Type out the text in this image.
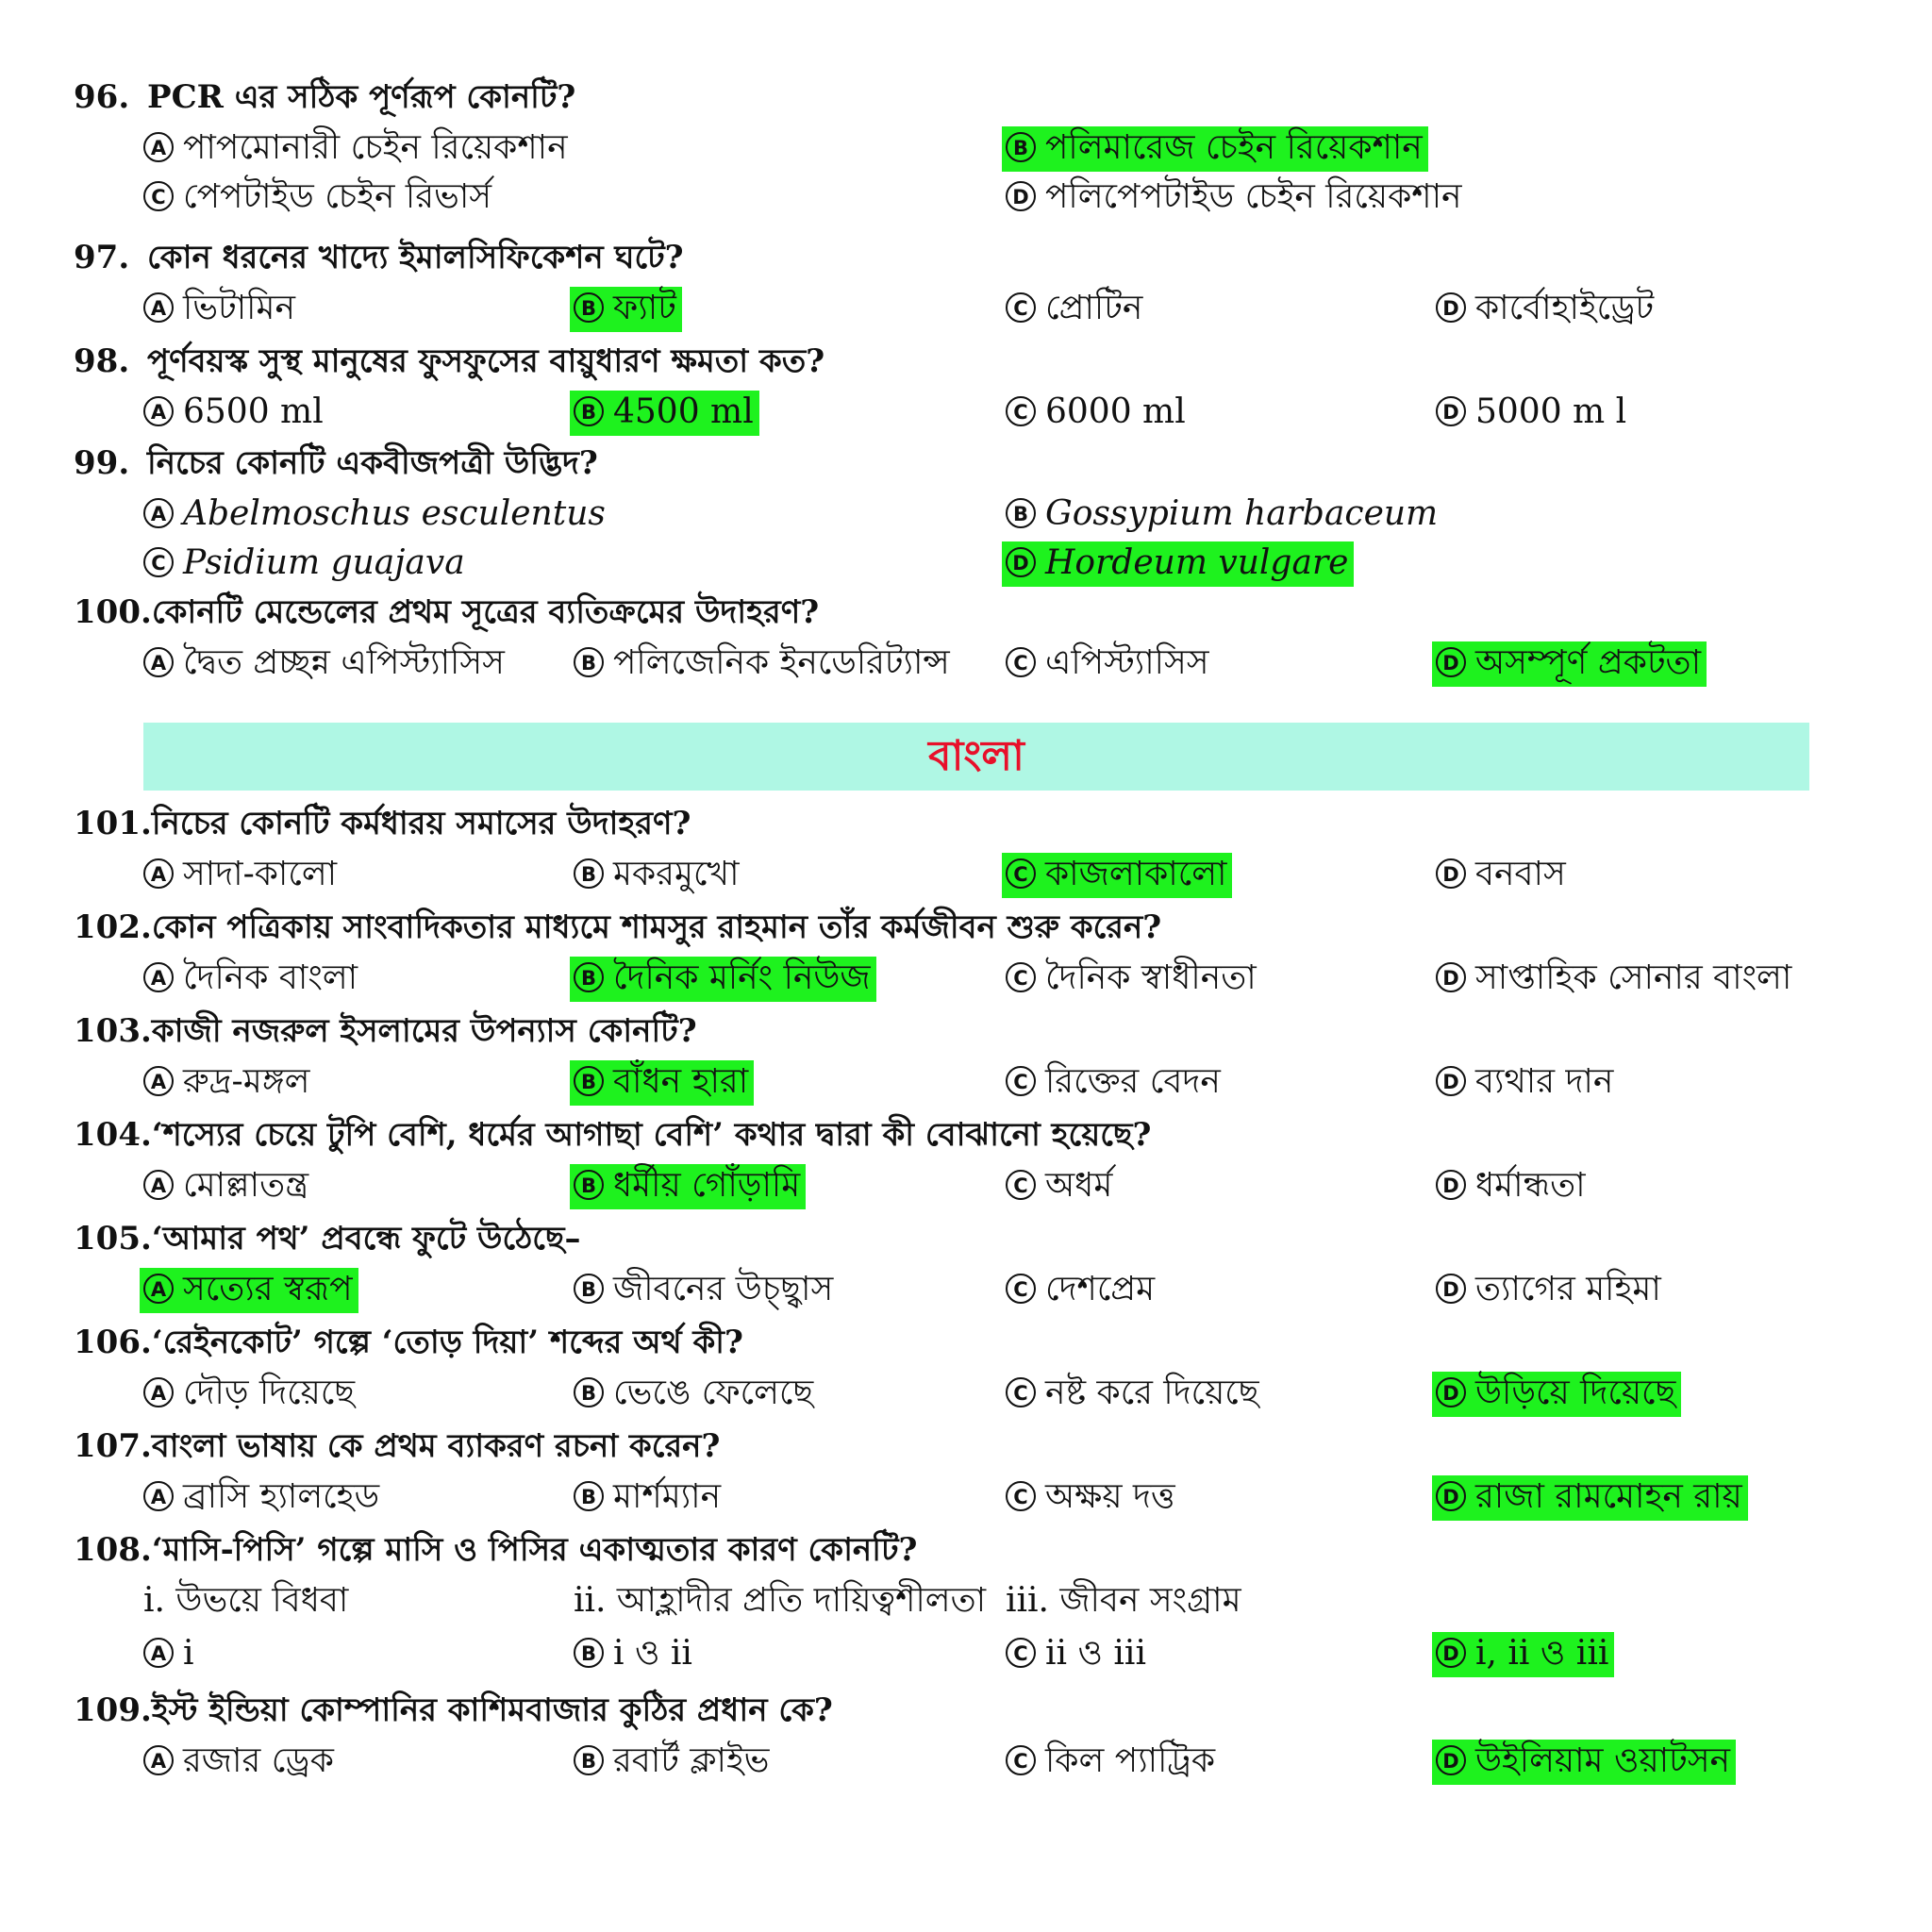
বাংলা
96. PCR এর সঠিক পূর্ণরূপ কোনটি?
A পাপমোনারী চেইন রিয়েকশান	B পলিমারেজ চেইন রিয়েকশান
C পেপটাইড চেইন রিভার্স	D পলিপেপটাইড চেইন রিয়েকশান
97. কোন ধরনের খাদ্যে ইমালসিফিকেশন ঘটে?
A ভিটামিন	B ফ্যাট	C প্রোটিন	D কার্বোহাইড্রেট
98. পূর্ণবয়স্ক সুস্থ মানুষের ফুসফুসের বায়ুধারণ ক্ষমতা কত?
A 6500 ml	B 4500 ml	C 6000 ml	D 5000 m l
99. নিচের কোনটি একবীজপত্রী উদ্ভিদ?
A Abelmoschus esculentus	B Gossypium harbaceum
C Psidium guajava	D Hordeum vulgare
100. কোনটি মেন্ডেলের প্রথম সূত্রের ব্যতিক্রমের উদাহরণ?
A দ্বৈত প্রচ্ছন্ন এপিস্ট্যাসিস	B পলিজেনিক ইনডেরিট্যান্স	C এপিস্ট্যাসিস	D অসম্পূর্ণ প্রকটতা
101. নিচের কোনটি কর্মধারয় সমাসের উদাহরণ?
A সাদা-কালো	B মকরমুখো	C কাজলাকালো	D বনবাস
102. কোন পত্রিকায় সাংবাদিকতার মাধ্যমে শামসুর রাহমান তাঁর কর্মজীবন শুরু করেন?
A দৈনিক বাংলা	B দৈনিক মর্নিং নিউজ	C দৈনিক স্বাধীনতা	D সাপ্তাহিক সোনার বাংলা
103. কাজী নজরুল ইসলামের উপন্যাস কোনটি?
A রুদ্র-মঙ্গল	B বাঁধন হারা	C রিক্তের বেদন	D ব্যথার দান
104. ‘শস্যের চেয়ে টুপি বেশি, ধর্মের আগাছা বেশি’ কথার দ্বারা কী বোঝানো হয়েছে?
A মোল্লাতন্ত্র	B ধর্মীয় গোঁড়ামি	C অধর্ম	D ধর্মান্ধতা
105. ‘আমার পথ’ প্রবন্ধে ফুটে উঠেছে–
A সত্যের স্বরূপ	B জীবনের উচ্ছ্বাস	C দেশপ্রেম	D ত্যাগের মহিমা
106. ‘রেইনকোট’ গল্পে ‘তোড় দিয়া’ শব্দের অর্থ কী?
A দৌড় দিয়েছে	B ভেঙে ফেলেছে	C নষ্ট করে দিয়েছে	D উড়িয়ে দিয়েছে
107. বাংলা ভাষায় কে প্রথম ব্যাকরণ রচনা করেন?
A ব্রাসি হ্যালহেড	B মার্শম্যান	C অক্ষয় দত্ত	D রাজা রামমোহন রায়
108. ‘মাসি-পিসি’ গল্পে মাসি ও পিসির একাত্মতার কারণ কোনটি?
i. উভয়ে বিধবা	ii. আহ্লাদীর প্রতি দায়িত্বশীলতা iii. জীবন সংগ্রাম
A i	B i ও ii	C ii ও iii	D i, ii ও iii
109. ইস্ট ইন্ডিয়া কোম্পানির কাশিমবাজার কুঠির প্রধান কে?
A রজার ড্রেক	B রবার্ট ক্লাইভ	C কিল প্যাট্রিক	D উইলিয়াম ওয়াটসন
